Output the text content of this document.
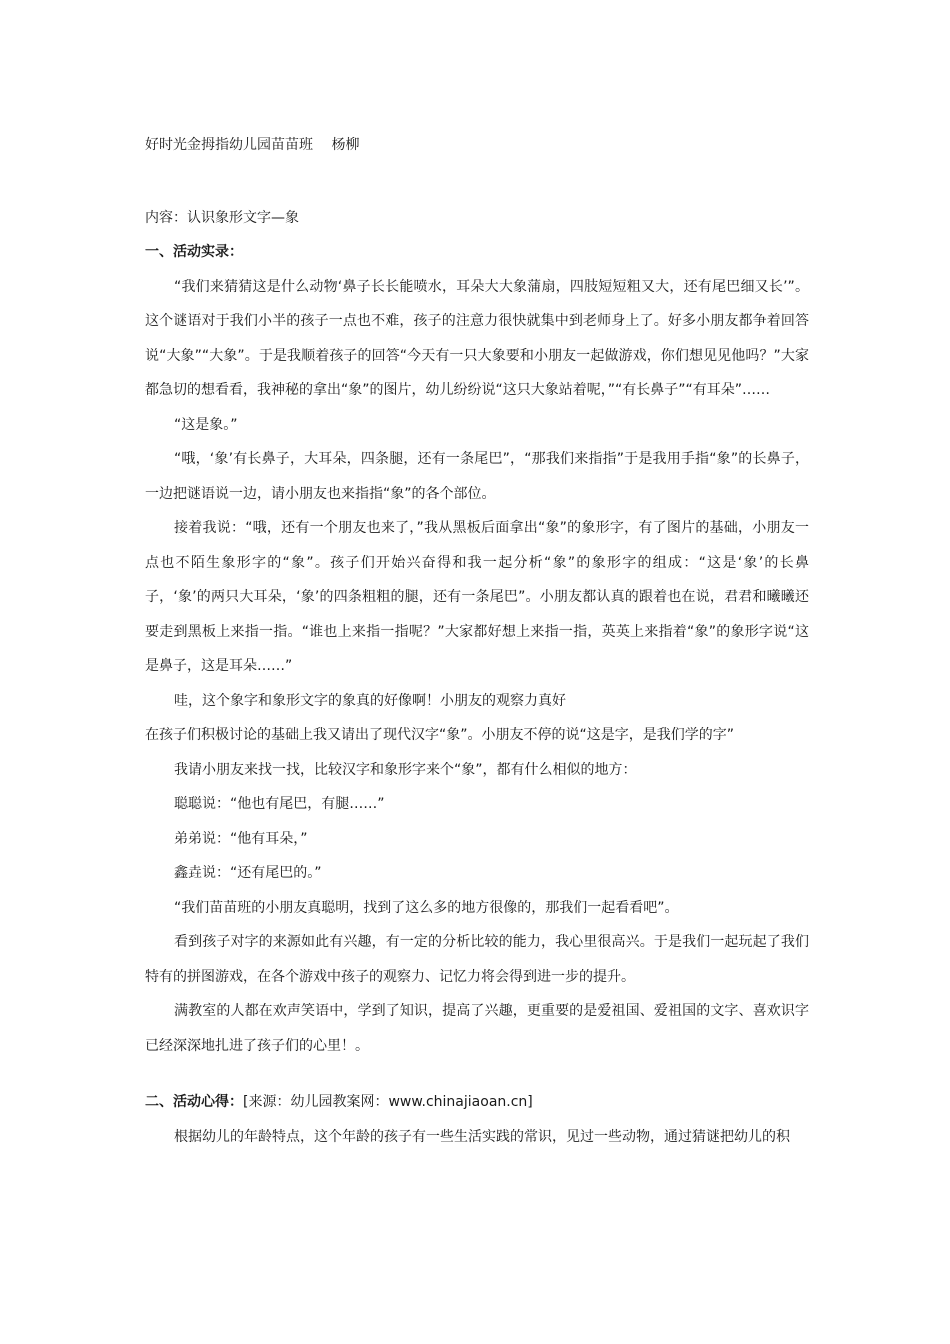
好时光金拇指幼儿园苗苗班　 杨柳

内容：认识象形文字—象

一、活动实录：

“我们来猜猜这是什么动物‘鼻子长长能喷水，耳朵大大象蒲扇，四肢短短粗又大，还有尾巴细又长’”。这个谜语对于我们小半的孩子一点也不难，孩子的注意力很快就集中到老师身上了。好多小朋友都争着回答说“大象”“大象”。于是我顺着孩子的回答“今天有一只大象要和小朋友一起做游戏，你们想见见他吗？”大家都急切的想看看，我神秘的拿出“象”的图片，幼儿纷纷说“这只大象站着呢，”“有长鼻子”“有耳朵”……

“这是象。”

“哦，‘象’有长鼻子，大耳朵，四条腿，还有一条尾巴”，“那我们来指指”于是我用手指“象”的长鼻子，一边把谜语说一边，请小朋友也来指指“象”的各个部位。

接着我说：“哦，还有一个朋友也来了，”我从黑板后面拿出“象”的象形字，有了图片的基础，小朋友一点也不陌生象形字的“象”。孩子们开始兴奋得和我一起分析“象”的象形字的组成：“这是‘象’的长鼻子，‘象’的两只大耳朵，‘象’的四条粗粗的腿，还有一条尾巴”。小朋友都认真的跟着也在说，君君和曦曦还要走到黑板上来指一指。“谁也上来指一指呢？”大家都好想上来指一指，英英上来指着“象”的象形字说“这是鼻子，这是耳朵……”

哇，这个象字和象形文字的象真的好像啊！小朋友的观察力真好

在孩子们积极讨论的基础上我又请出了现代汉字“象”。小朋友不停的说“这是字，是我们学的字”

我请小朋友来找一找，比较汉字和象形字来个“象”，都有什么相似的地方：

聪聪说：“他也有尾巴，有腿……”

弟弟说：“他有耳朵，”

鑫垚说：“还有尾巴的。”

“我们苗苗班的小朋友真聪明，找到了这么多的地方很像的，那我们一起看看吧”。

看到孩子对字的来源如此有兴趣，有一定的分析比较的能力，我心里很高兴。于是我们一起玩起了我们特有的拼图游戏，在各个游戏中孩子的观察力、记忆力将会得到进一步的提升。

满教室的人都在欢声笑语中，学到了知识，提高了兴趣，更重要的是爱祖国、爱祖国的文字、喜欢识字已经深深地扎进了孩子们的心里！。

二、活动心得：[来源：幼儿园教案网：www.chinajiaoan.cn]

根据幼儿的年龄特点，这个年龄的孩子有一些生活实践的常识，见过一些动物，通过猜谜把幼儿的积
